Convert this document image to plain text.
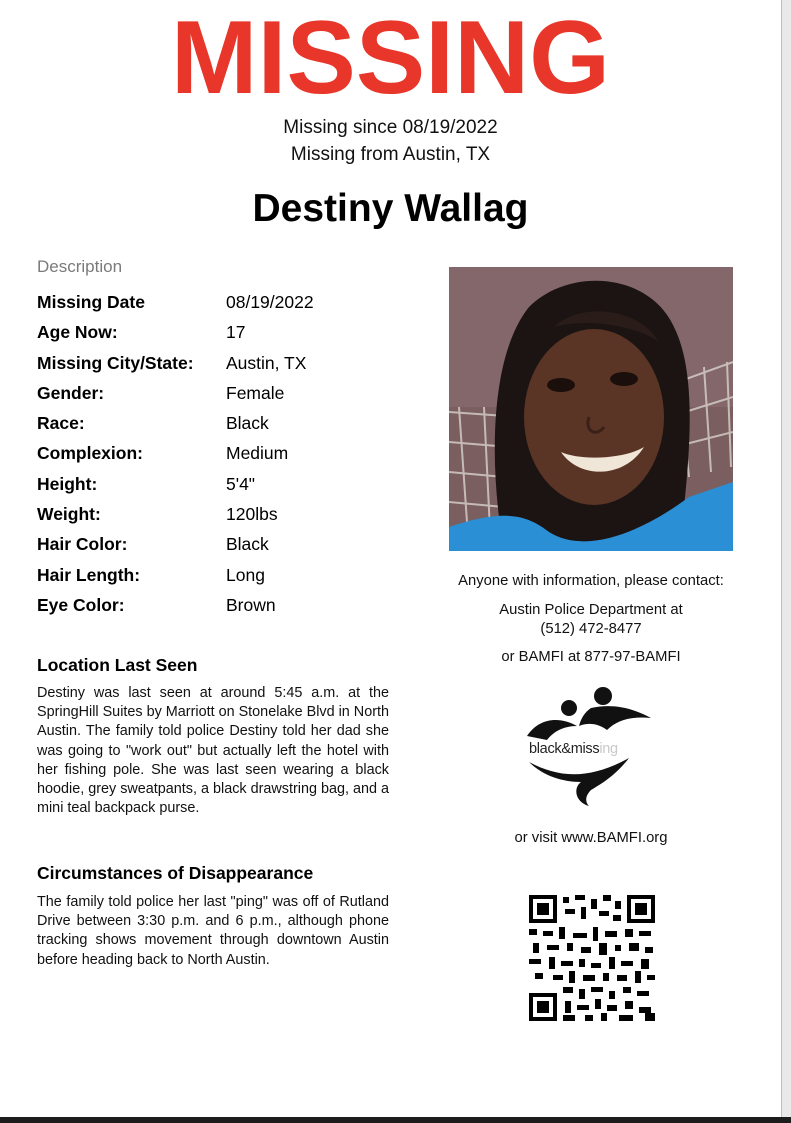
MISSING
Missing since 08/19/2022
Missing from Austin, TX
Destiny Wallag
Description
Missing Date	08/19/2022
Age Now:	17
Missing City/State: Austin, TX
Gender:	Female
Race:	Black
Complexion:	Medium
Height:	5'4"
Weight:	120lbs
Hair Color:	Black
Hair Length:	Long
Eye Color:	Brown
Location Last Seen
Destiny was last seen at around 5:45 a.m. at the SpringHill Suites by Marriott on Stonelake Blvd in North Austin. The family told police Destiny told her dad she was going to "work out" but actually left the hotel with her fishing pole. She was last seen wearing a black hoodie, grey sweatpants, a black drawstring bag, and a mini teal backpack purse.
Circumstances of Disappearance
The family told police her last "ping" was off of Rutland Drive between 3:30 p.m. and 6 p.m., although phone tracking shows movement through downtown Austin before heading back to North Austin.
Anyone with information, please contact:
Austin Police Department at
(512) 472-8477
or BAMFI at 877-97-BAMFI
black&missing
or visit www.BAMFI.org
